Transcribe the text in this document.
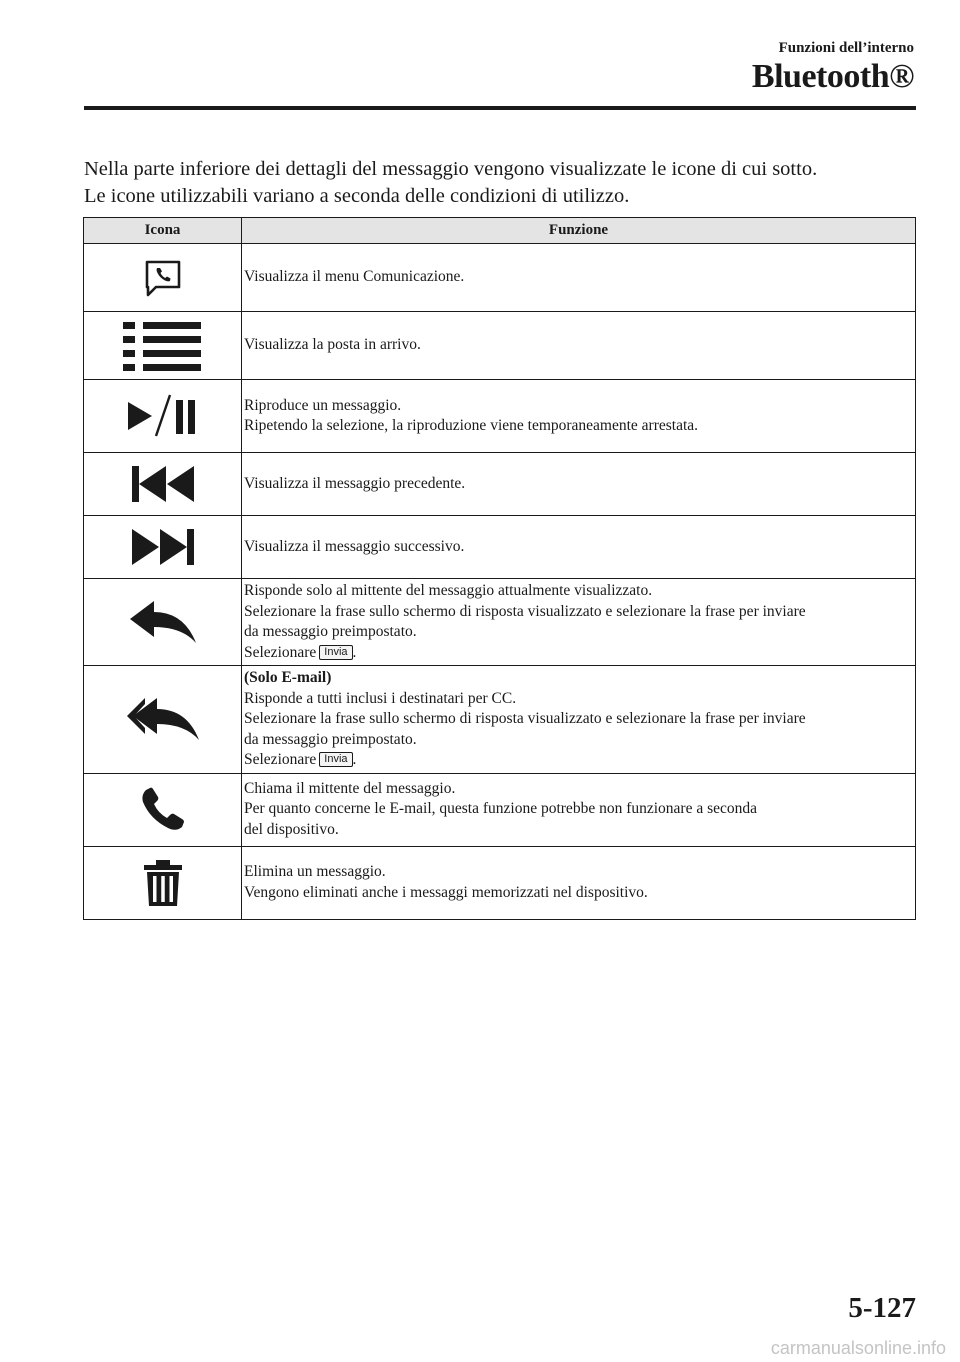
Funzioni dell’interno
Bluetooth®

Nella parte inferiore dei dettagli del messaggio vengono visualizzate le icone di cui sotto.

Le icone utilizzabili variano a seconda delle condizioni di utilizzo.

Icona	Funzione

Visualizza il menu Comunicazione.

Visualizza la posta in arrivo.

Riproduce un messaggio.
Ripetendo la selezione, la riproduzione viene temporaneamente arrestata.

Visualizza il messaggio precedente.

Visualizza il messaggio successivo.

Risponde solo al mittente del messaggio attualmente visualizzato.
Selezionare la frase sullo schermo di risposta visualizzato e selezionare la frase per inviare
da messaggio preimpostato.
Selezionare Invia .

(Solo E-mail)
Risponde a tutti inclusi i destinatari per CC.
Selezionare la frase sullo schermo di risposta visualizzato e selezionare la frase per inviare
da messaggio preimpostato.
Selezionare Invia .

Chiama il mittente del messaggio.
Per quanto concerne le E-mail, questa funzione potrebbe non funzionare a seconda
del dispositivo.

Elimina un messaggio.
Vengono eliminati anche i messaggi memorizzati nel dispositivo.
5-127
carmanualsonline.info
